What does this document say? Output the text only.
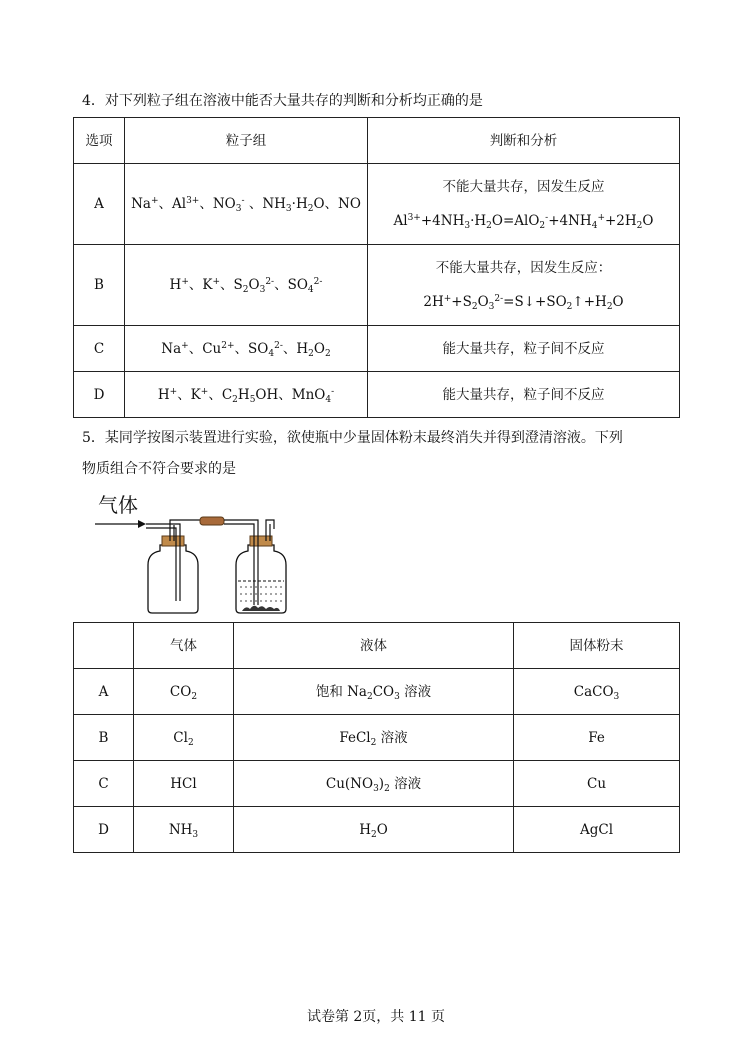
4．对下列粒子组在溶液中能否大量共存的判断和分析均正确的是
选项	粒子组	判断和分析
A	Na+、$Al^{3+}$、$NO_3^-$ 、$NH_3\cdot H_2O$、NO	不能大量共存，因发生反应
$Al^{3+}+4NH_3\cdot H_2O=AlO_2^-+4NH_4^++2H_2O$

B	H+、K+、$S_2O_3^{2-}$、$SO_4^{2-}$	不能大量共存，因发生反应：
$2H^++S_2O_3^{2-}=S↓+SO_2↑+H_2O$

C	Na+、$Cu^{2+}$、$SO_4^{2-}$、$H_2O_2$	能大量共存，粒子间不反应
D	H+、K+、$C_2H_5OH$、MnO$_4$-	能大量共存，粒子间不反应
5．某同学按图示装置进行实验，欲使瓶中少量固体粉末最终消失并得到澄清溶液。下列
物质组合不符合要求的是
气体
	气体	液体	固体粉末
A	$CO_2$	饱和 $Na_2CO_3$ 溶液	CaCO$_3$
B	$Cl_2$	FeCl$_2$ 溶液	Fe
C	HCl	$Cu(NO_3)_2$ 溶液	Cu
D	$NH_3$	$H_2O$	AgCl
试卷第 2页，共 11 页
